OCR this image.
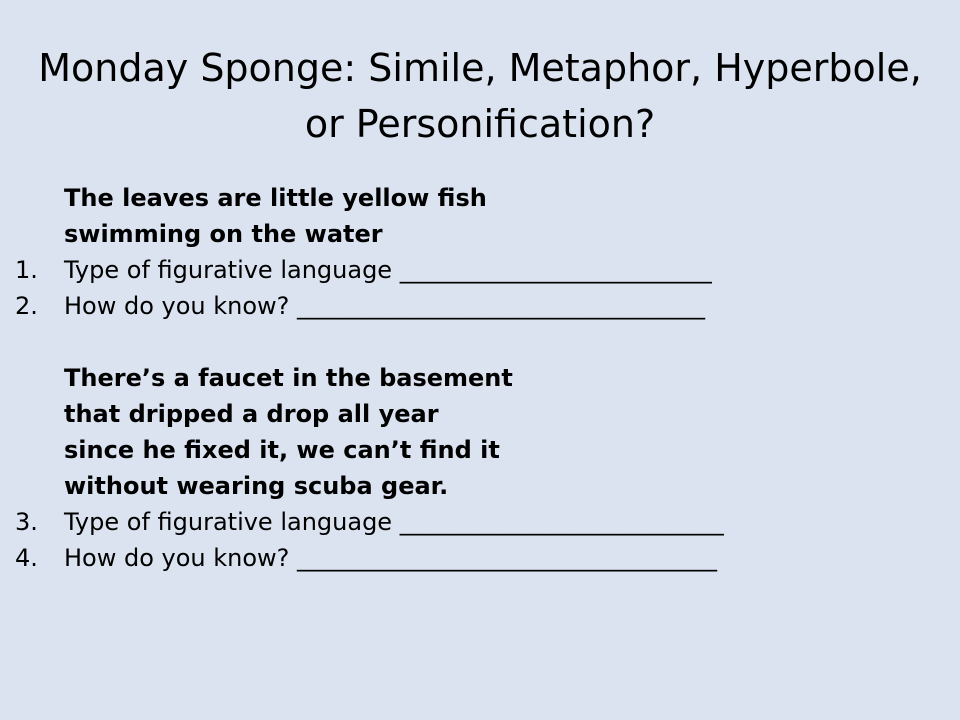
Monday Sponge: Simile, Metaphor, Hyperbole,
or Personification?
The leaves are little yellow fish
swimming on the water
1. Type of figurative language __________________________
2. How do you know? __________________________________
There’s a faucet in the basement
that dripped a drop all year
since he fixed it, we can’t find it
without wearing scuba gear.
3. Type of figurative language ___________________________
4. How do you know? ___________________________________
